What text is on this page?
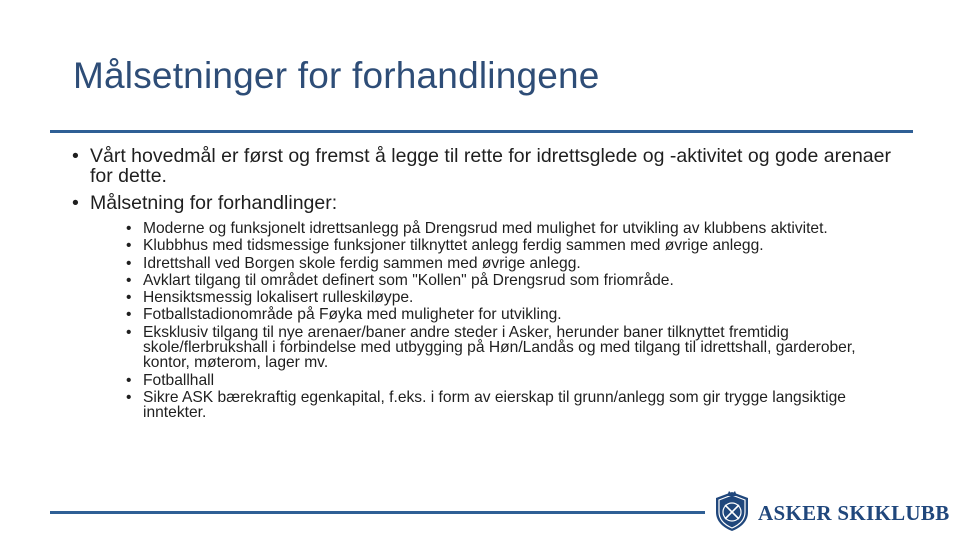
Målsetninger for forhandlingene
• Vårt hovedmål er først og fremst å legge til rette for idrettsglede og -aktivitet og gode arenaer for dette.
• Målsetning for forhandlinger:
• Moderne og funksjonelt idrettsanlegg på Drengsrud med mulighet for utvikling av klubbens aktivitet.
• Klubbhus med tidsmessige funksjoner tilknyttet anlegg ferdig sammen med øvrige anlegg.
• Idrettshall ved Borgen skole ferdig sammen med øvrige anlegg.
• Avklart tilgang til området definert som "Kollen" på Drengsrud som friområde.
• Hensiktsmessig lokalisert rulleskiløype.
• Fotballstadionområde på Føyka med muligheter for utvikling.
• Eksklusiv tilgang til nye arenaer/baner andre steder i Asker, herunder baner tilknyttet fremtidig skole/flerbrukshall i forbindelse med utbygging på Høn/Landås og med tilgang til idrettshall, garderober, kontor, møterom, lager mv.
• Fotballhall
• Sikre ASK bærekraftig egenkapital, f.eks. i form av eierskap til grunn/anlegg som gir trygge langsiktige inntekter.
ASKER SKIKLUBB
